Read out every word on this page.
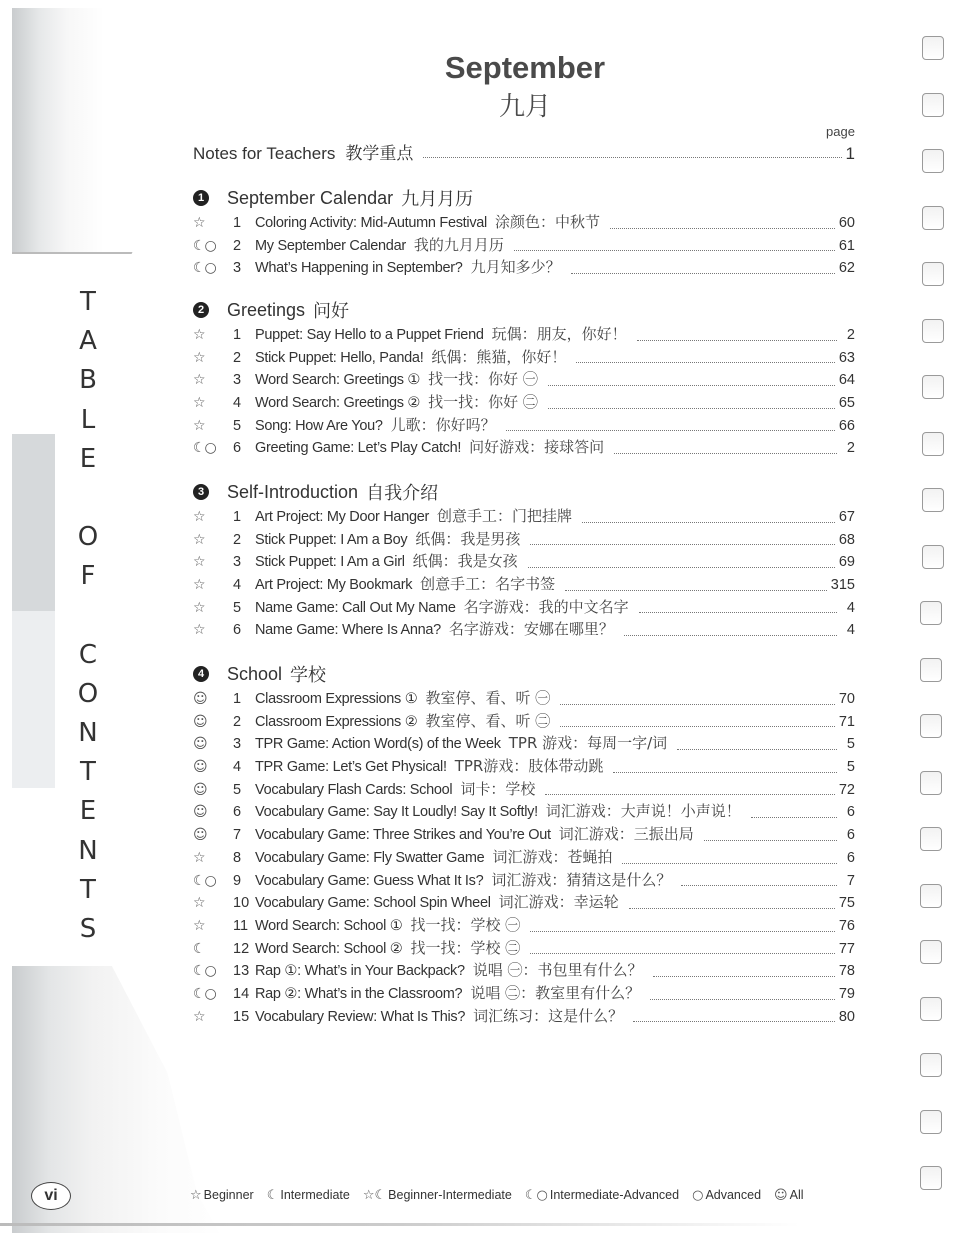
T
A
B
L
E
O
F
C
O
N
T
E
N
T
S
vi
September
九月
page
Notes for Teachers 教学重点	1
1 September Calendar 九月月历
☆	1 Coloring Activity: Mid-Autumn Festival 涂颜色：中秋节	60
☾○	2 My September Calendar 我的九月月历	61
☾○	3 What’s Happening in September? 九月知多少？	62
2 Greetings 问好
☆	1 Puppet: Say Hello to a Puppet Friend 玩偶：朋友，你好！	2
☆	2 Stick Puppet: Hello, Panda! 纸偶：熊猫，你好！	63
☆	3 Word Search: Greetings ① 找一找：你好 ㊀	64
☆	4 Word Search: Greetings ② 找一找：你好 ㊁	65
☆	5 Song: How Are You? 儿歌：你好吗？	66
☾○	6 Greeting Game: Let’s Play Catch! 问好游戏：接球答问	2
3 Self-Introduction 自我介绍
☆	1 Art Project: My Door Hanger 创意手工：门把挂牌	67
☆	2 Stick Puppet: I Am a Boy 纸偶：我是男孩	68
☆	3 Stick Puppet: I Am a Girl 纸偶：我是女孩	69
☆	4 Art Project: My Bookmark 创意手工：名字书签	315
☆	5 Name Game: Call Out My Name 名字游戏：我的中文名字	4
☆	6 Name Game: Where Is Anna? 名字游戏：安娜在哪里？	4
4 School 学校
☺	1 Classroom Expressions ① 教室停、看、听 ㊀	70
☺	2 Classroom Expressions ② 教室停、看、听 ㊁	71
☺	3 TPR Game: Action Word(s) of the Week TPR 游戏：每周一字/词	5
☺	4 TPR Game: Let’s Get Physical! TPR游戏：肢体带动跳	5
☺	5 Vocabulary Flash Cards: School 词卡：学校	72
☺	6 Vocabulary Game: Say It Loudly! Say It Softly! 词汇游戏：大声说！小声说！	6
☺	7 Vocabulary Game: Three Strikes and You’re Out 词汇游戏：三振出局	6
☆	8 Vocabulary Game: Fly Swatter Game 词汇游戏：苍蝇拍	6
☾○	9 Vocabulary Game: Guess What It Is? 词汇游戏：猜猜这是什么？	7
☆	10 Vocabulary Game: School Spin Wheel 词汇游戏：幸运轮	75
☆	11 Word Search: School ① 找一找：学校 ㊀	76
☾	12 Word Search: School ② 找一找：学校 ㊁	77
☾○	13 Rap ①: What’s in Your Backpack? 说唱 ㊀：书包里有什么？	78
☾○	14 Rap ②: What’s in the Classroom? 说唱 ㊁：教室里有什么？	79
☆	15 Vocabulary Review: What Is This? 词汇练习：这是什么？	80
☆ Beginner ☾ Intermediate ☆☾ Beginner-Intermediate ☾○ Intermediate-Advanced ○ Advanced ☺ All
